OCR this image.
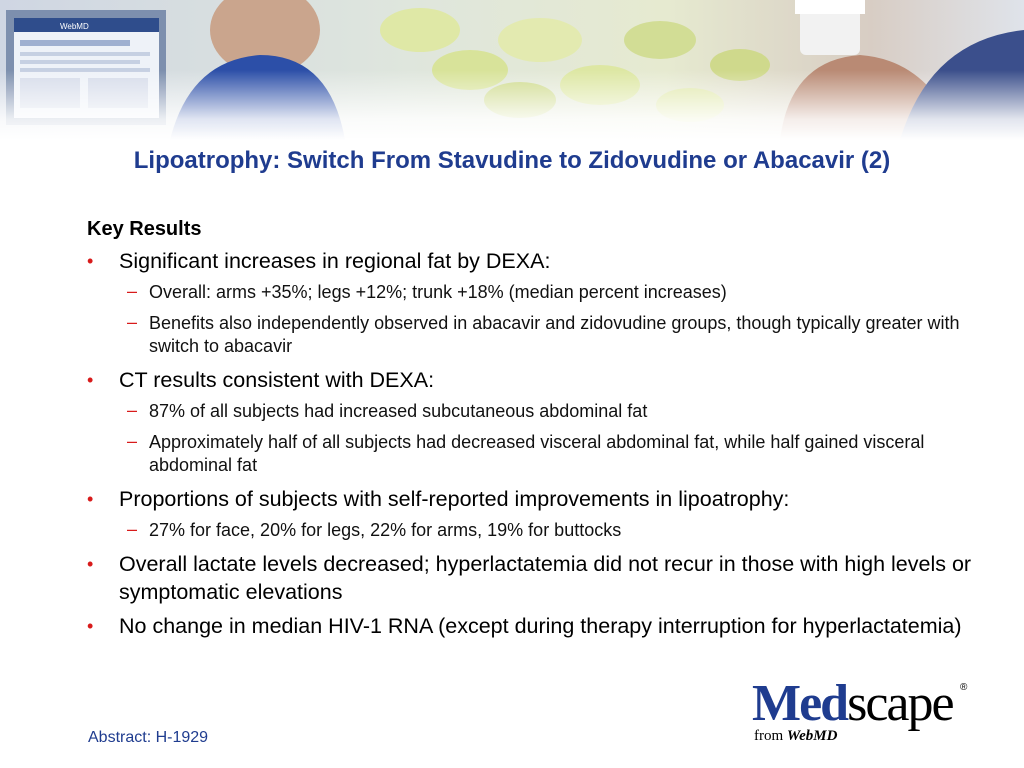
WebMD
Lipoatrophy: Switch From Stavudine to Zidovudine or Abacavir (2)
Key Results
• Significant increases in regional fat by DEXA:
– Overall: arms +35%; legs +12%; trunk +18% (median percent increases)
– Benefits also independently observed in abacavir and zidovudine groups, though typically greater with switch to abacavir
• CT results consistent with DEXA:
– 87% of all subjects had increased subcutaneous abdominal fat
– Approximately half of all subjects had decreased visceral abdominal fat, while half gained visceral abdominal fat
• Proportions of subjects with self-reported improvements in lipoatrophy:
– 27% for face, 20% for legs, 22% for arms, 19% for buttocks
• Overall lactate levels decreased; hyperlactatemia did not recur in those with high levels or symptomatic elevations
• No change in median HIV-1 RNA (except during therapy interruption for hyperlactatemia)
Abstract: H-1929
Medscape ®
from WebMD
